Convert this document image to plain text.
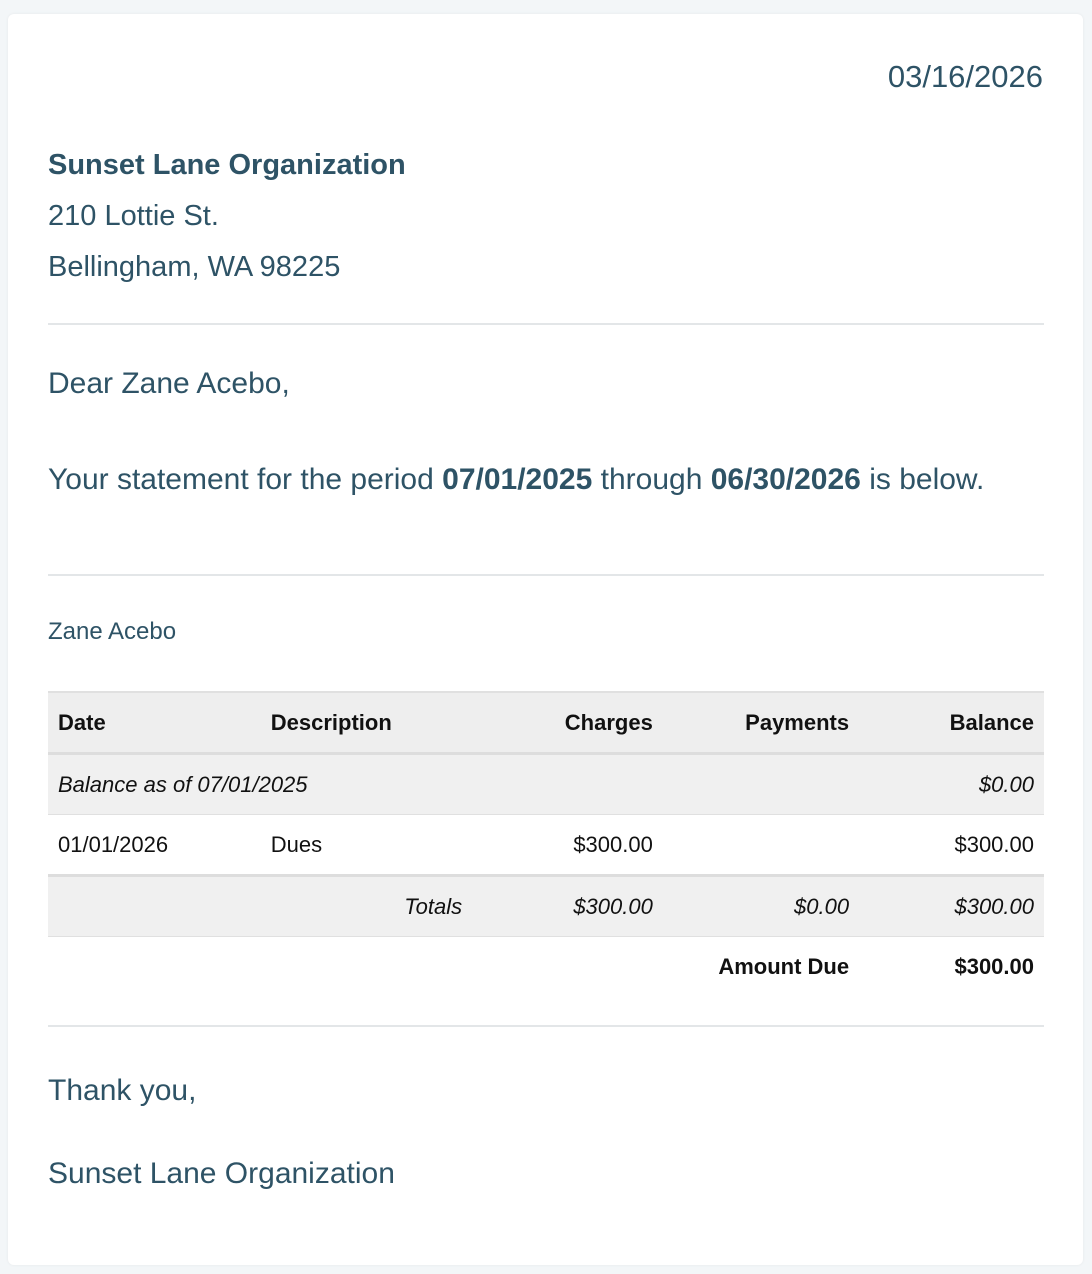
03/16/2026
Sunset Lane Organization
210 Lottie St.
Bellingham, WA 98225
Dear Zane Acebo,
Your statement for the period 07/01/2025 through 06/30/2026 is below.
Zane Acebo
Date	Description	Charges	Payments	Balance
Balance as of 07/01/2025				$0.00
01/01/2026	Dues	$300.00		$300.00
	Totals	$300.00	$0.00	$300.00
			Amount Due	$300.00
Thank you,
Sunset Lane Organization
